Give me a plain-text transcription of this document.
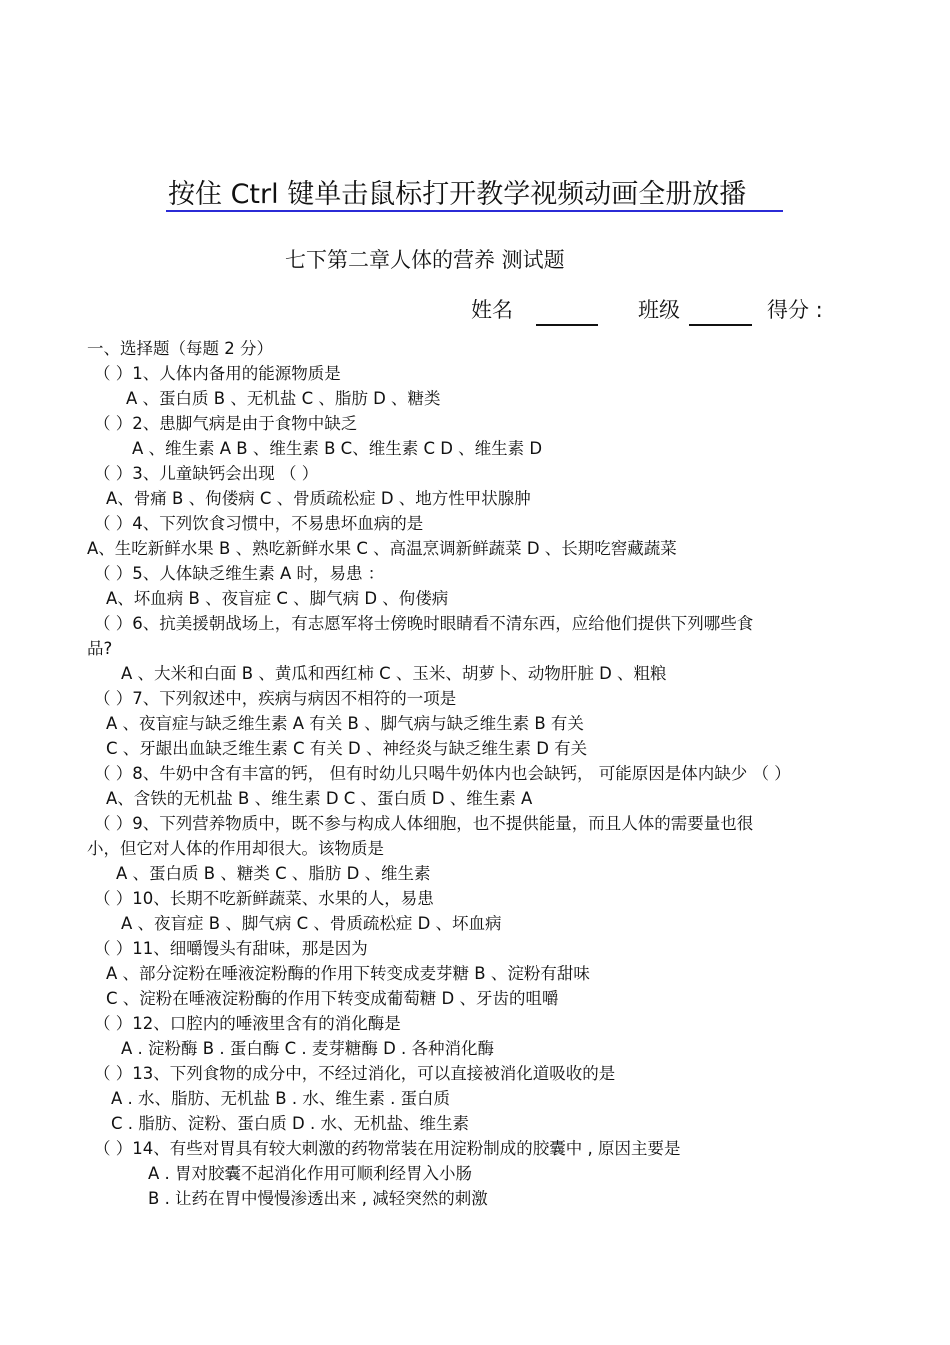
按住 Ctrl 键单击鼠标打开教学视频动画全册放播
七下第二章人体的营养 测试题
姓名	班级	得分 :
一、选择题（每题 2 分）
（ ）1、人体内备用的能源物质是
A 、蛋白质 B 、无机盐 C 、脂肪 D 、糖类
（ ）2、患脚气病是由于食物中缺乏
A 、维生素 A B 、维生素 B C、维生素 C D 、维生素 D
（ ）3、儿童缺钙会出现 （ ）
A、骨痛 B 、佝偻病 C 、骨质疏松症 D 、地方性甲状腺肿
（ ）4、下列饮食习惯中，不易患坏血病的是
A、生吃新鲜水果 B 、熟吃新鲜水果 C 、高温烹调新鲜蔬菜 D 、长期吃窖藏蔬菜
（ ）5、人体缺乏维生素 A 时，易患 ：
A、坏血病 B 、夜盲症 C 、脚气病 D 、佝偻病
（ ）6、抗美援朝战场上，有志愿军将士傍晚时眼睛看不清东西，应给他们提供下列哪些食
品?
A 、大米和白面 B 、黄瓜和西红柿 C 、玉米、胡萝卜、动物肝脏 D 、粗粮
（ ）7、下列叙述中，疾病与病因不相符的一项是
A 、夜盲症与缺乏维生素 A 有关 B 、脚气病与缺乏维生素 B 有关
C 、牙龈出血缺乏维生素 C 有关 D 、神经炎与缺乏维生素 D 有关
（ ）8、牛奶中含有丰富的钙， 但有时幼儿只喝牛奶体内也会缺钙， 可能原因是体内缺少 （ ）
A、含铁的无机盐 B 、维生素 D C 、蛋白质 D 、维生素 A
（ ）9、下列营养物质中，既不参与构成人体细胞，也不提供能量，而且人体的需要量也很
小，但它对人体的作用却很大。该物质是
A 、蛋白质 B 、糖类 C 、脂肪 D 、维生素
（ ）10、长期不吃新鲜蔬菜、水果的人，易患
A 、夜盲症 B 、脚气病 C 、骨质疏松症 D 、坏血病
（ ）11、细嚼馒头有甜味，那是因为
A 、部分淀粉在唾液淀粉酶的作用下转变成麦芽糖 B 、淀粉有甜味
C 、淀粉在唾液淀粉酶的作用下转变成葡萄糖 D 、牙齿的咀嚼
（ ）12、口腔内的唾液里含有的消化酶是
A . 淀粉酶 B . 蛋白酶 C . 麦芽糖酶 D . 各种消化酶
（ ）13、下列食物的成分中，不经过消化，可以直接被消化道吸收的是
A . 水、脂肪、无机盐 B . 水、维生素 . 蛋白质
C . 脂肪、淀粉、蛋白质 D . 水、无机盐、维生素
（ ）14、有些对胃具有较大刺激的药物常装在用淀粉制成的胶囊中 , 原因主要是
A . 胃对胶囊不起消化作用可顺利经胃入小肠
B . 让药在胃中慢慢渗透出来 , 减轻突然的刺激
